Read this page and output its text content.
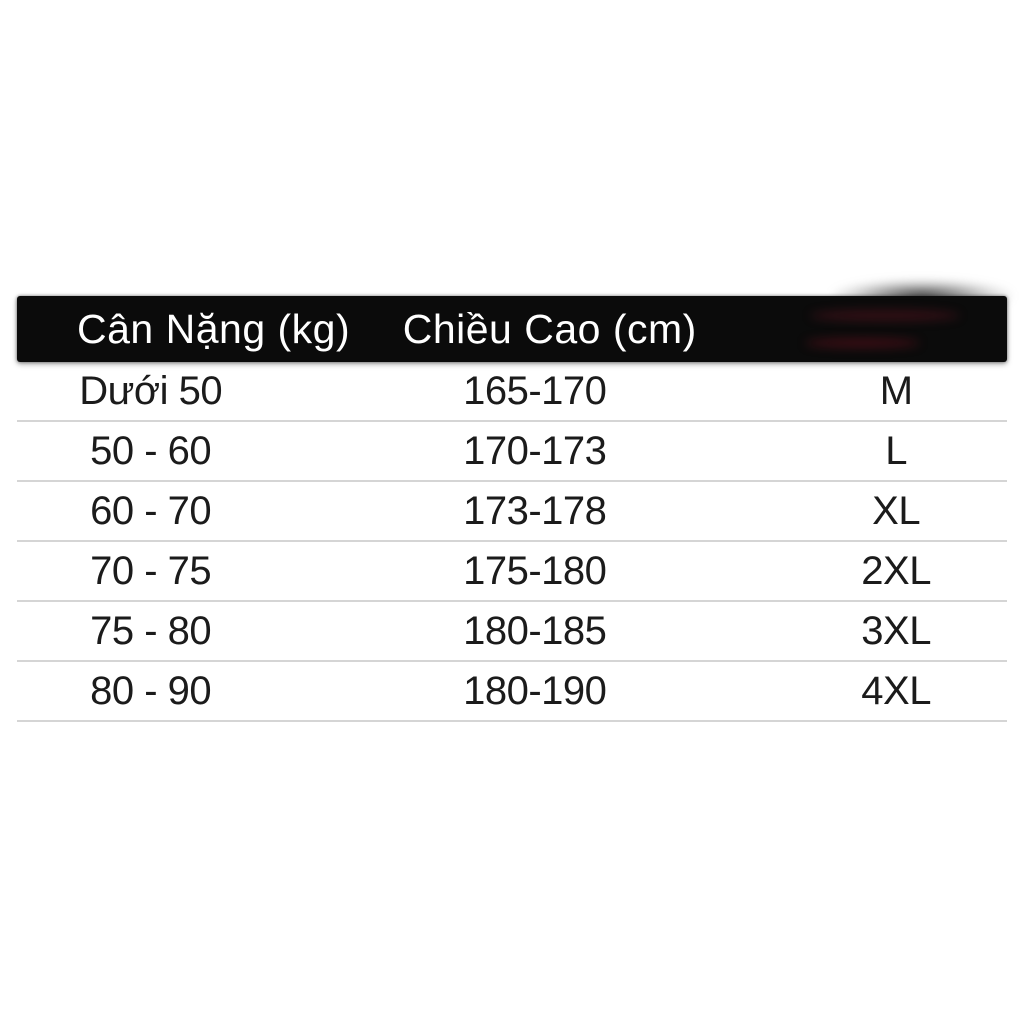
Cân Nặng (kg)	Chiều Cao (cm)
Dưới 50	165-170	M
50 - 60	170-173	L
60 - 70	173-178	XL
70 - 75	175-180	2XL
75 - 80	180-185	3XL
80 - 90	180-190	4XL
